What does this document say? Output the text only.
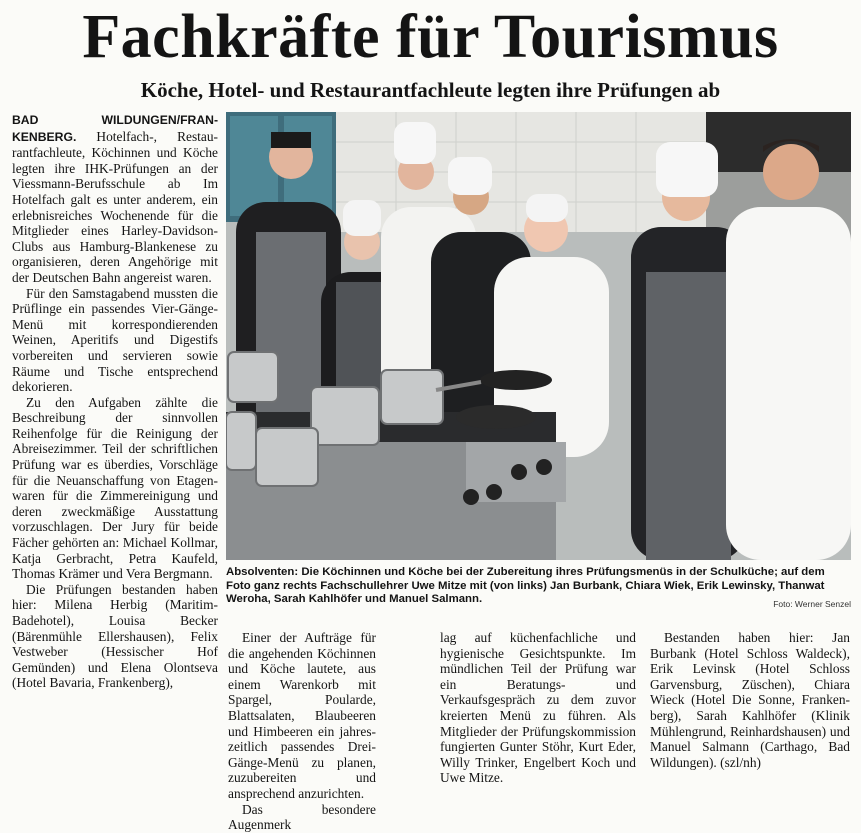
Fachkräfte für Tourismus
Köche, Hotel- und Restaurantfachleute legten ihre Prüfungen ab

BAD WILDUNGEN/FRANKENBERG. Hotelfach-, Restaurantfachleute, Köchinnen und Köche legten ihre IHK-Prüfungen an der Viessmann-Berufsschule ab Im Hotelfach galt es unter anderem, ein erlebnisreiches Wochenende für die Mitglieder eines Harley-Davidson-Clubs aus Hamburg-Blankenese zu organisieren, deren Angehörige mit der Deutschen Bahn angereist waren.

Für den Samstagabend mussten die Prüflinge ein passendes Vier-Gänge-Menü mit korrespondierenden Weinen, Aperitifs und Digestifs vorbereiten und servieren sowie Räume und Tische entsprechend dekorieren.

Zu den Aufgaben zählte die Beschreibung der sinnvollen Reihenfolge für die Reinigung der Abreisezimmer. Teil der schriftlichen Prüfung war es überdies, Vorschläge für die Neuanschaffung von Etagenwaren für die Zimmereinigung und deren zweckmäßige Ausstattung vorzuschlagen. Der Jury für beide Fächer gehörten an: Michael Kollmar, Katja Gerbracht, Petra Kaufeld, Thomas Krämer und Vera Bergmann.

Die Prüfungen bestanden haben hier: Milena Herbig (Maritim-Badehotel), Louisa Becker (Bärenmühle Ellershausen), Felix Vestweber (Hessischer Hof Gemünden) und Elena Olontseva (Hotel Bavaria, Frankenberg),

Absolventen: Die Köchinnen und Köche bei der Zubereitung ihres Prüfungsmenüs in der Schulküche; auf dem Foto ganz rechts Fachschullehrer Uwe Mitze mit (von links) Jan Burbank, Chiara Wiek, Erik Lewinsky, Thanwat Weroha, Sarah Kahlhöfer und Manuel Salmann.	Foto: Werner Senzel

Einer der Aufträge für die angehenden Köchinnen und Köche lautete, aus einem Warenkorb mit Spargel, Poularde, Blattsalaten, Blaubeeren und Himbeeren ein jahreszeitlich passendes Drei-Gänge-Menü zu planen, zuzubereiten und ansprechend anzurichten.

Das besondere Augenmerk

lag auf küchenfachliche und hygienische Gesichtspunkte. Im mündlichen Teil der Prüfung war ein Beratungs- und Verkaufsgespräch zu dem zuvor kreierten Menü zu führen. Als Mitglieder der Prüfungskommission fungierten Gunter Stöhr, Kurt Eder, Willy Trinker, Engelbert Koch und Uwe Mitze.

Bestanden haben hier: Jan Burbank (Hotel Schloss Waldeck), Erik Levinsk (Hotel Schloss Garvensburg, Züschen), Chiara Wieck (Hotel Die Sonne, Frankenberg), Sarah Kahlhöfer (Klinik Mühlengrund, Reinhardshausen) und Manuel Salmann (Carthago, Bad Wildungen). (szl/nh)
